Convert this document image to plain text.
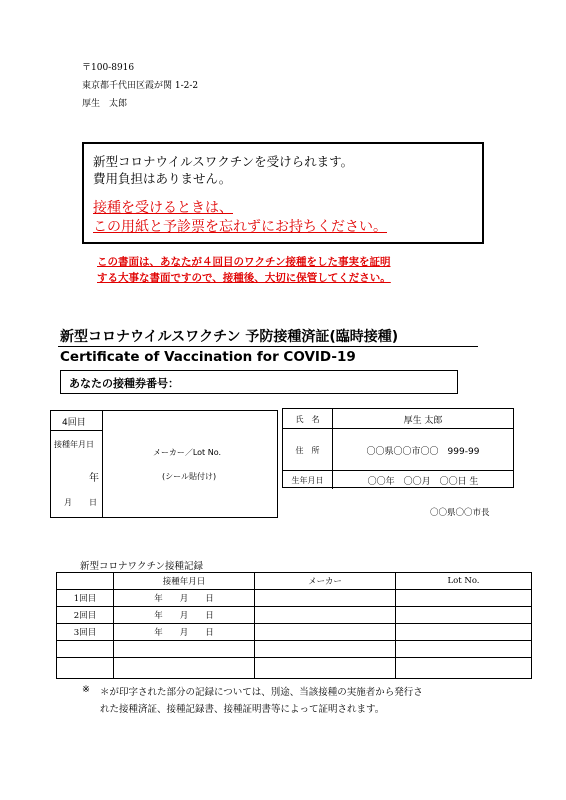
〒100-8916
東京都千代田区霞が関 1-2-2
厚生　太郎
新型コロナウイルスワクチンを受けられます。
費用負担はありません。
接種を受けるときは、
この用紙と予診票を忘れずにお持ちください。
この書面は、あなたが４回目のワクチン接種をした事実を証明
する大事な書面ですので、接種後、大切に保管してください。
新型コロナウイルスワクチン 予防接種済証(臨時接種)
Certificate of Vaccination for COVID-19
あなたの接種券番号：
4回目
接種年月日
年
月 日
メーカー／Lot No.
(シール貼付け)
氏　名	厚生 太郎
住　所	〇〇県〇〇市〇〇　999-99
生年月日	〇〇年　〇〇月　〇〇日 生
〇〇県〇〇市長
新型コロナワクチン接種記録
	接種年月日	メーカー	Lot No.
1回目	年　　月　　日		
2回目	年　　月　　日		
3回目	年　　月　　日		

※ ＊が印字された部分の記録については、別途、当該接種の実施者から発行さ
れた接種済証、接種記録書、接種証明書等によって証明されます。
